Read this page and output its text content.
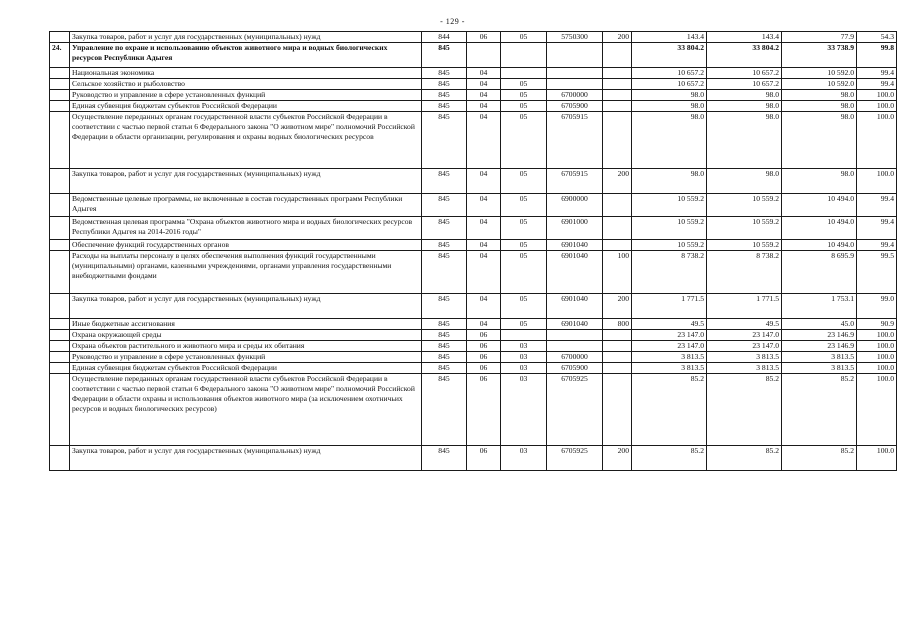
- 129 -
	Закупка товаров, работ и услуг для государственных (муниципальных) нужд	844	06	05	5750300	200	143.4	143.4	77.9	54.3
24.	Управление по охране и использованию объектов животного мира и водных биологических ресурсов Республики Адыгея	845					33 804.2	33 804.2	33 738.9	99.8
	Национальная экономика	845	04				10 657.2	10 657.2	10 592.0	99.4
	Сельское хозяйство и рыболовство	845	04	05			10 657.2	10 657.2	10 592.0	99.4
	Руководство и управление в сфере установленных функций	845	04	05	6700000		98.0	98.0	98.0	100.0
	Единая субвенция бюджетам субъектов Российской Федерации	845	04	05	6705900		98.0	98.0	98.0	100.0
	Осуществление переданных органам государственной власти субъектов Российской Федерации в соответствии с частью первой статьи 6 Федерального закона "О животном мире" полномочий Российской Федерации в области организации, регулирования и охраны водных биологических ресурсов	845	04	05	6705915		98.0	98.0	98.0	100.0
	Закупка товаров, работ и услуг для государственных (муниципальных) нужд	845	04	05	6705915	200	98.0	98.0	98.0	100.0
	Ведомственные целевые программы, не включенные в состав государственных программ Республики Адыгея	845	04	05	6900000		10 559.2	10 559.2	10 494.0	99.4
	Ведомственная целевая программа "Охрана объектов животного мира и водных биологических ресурсов Республики Адыгея на 2014-2016 годы"	845	04	05	6901000		10 559.2	10 559.2	10 494.0	99.4
	Обеспечение функций государственных органов	845	04	05	6901040		10 559.2	10 559.2	10 494.0	99.4
	Расходы на выплаты персоналу в целях обеспечения выполнения функций государственными (муниципальными) органами, казенными учреждениями, органами управления государственными внебюджетными фондами	845	04	05	6901040	100	8 738.2	8 738.2	8 695.9	99.5
	Закупка товаров, работ и услуг для государственных (муниципальных) нужд	845	04	05	6901040	200	1 771.5	1 771.5	1 753.1	99.0
	Иные бюджетные ассигнования	845	04	05	6901040	800	49.5	49.5	45.0	90.9
	Охрана окружающей среды	845	06				23 147.0	23 147.0	23 146.9	100.0
	Охрана объектов растительного и животного мира и среды их обитания	845	06	03			23 147.0	23 147.0	23 146.9	100.0
	Руководство и управление в сфере установленных функций	845	06	03	6700000		3 813.5	3 813.5	3 813.5	100.0
	Единая субвенция бюджетам субъектов Российской Федерации	845	06	03	6705900		3 813.5	3 813.5	3 813.5	100.0
	Осуществление переданных органам государственной власти субъектов Российской Федерации в соответствии с частью первой статьи 6 Федерального закона "О животном мире" полномочий Российской Федерации в области охраны и использования объектов животного мира (за исключением охотничьих ресурсов и водных биологических ресурсов)	845	06	03	6705925		85.2	85.2	85.2	100.0
	Закупка товаров, работ и услуг для государственных (муниципальных) нужд	845	06	03	6705925	200	85.2	85.2	85.2	100.0
